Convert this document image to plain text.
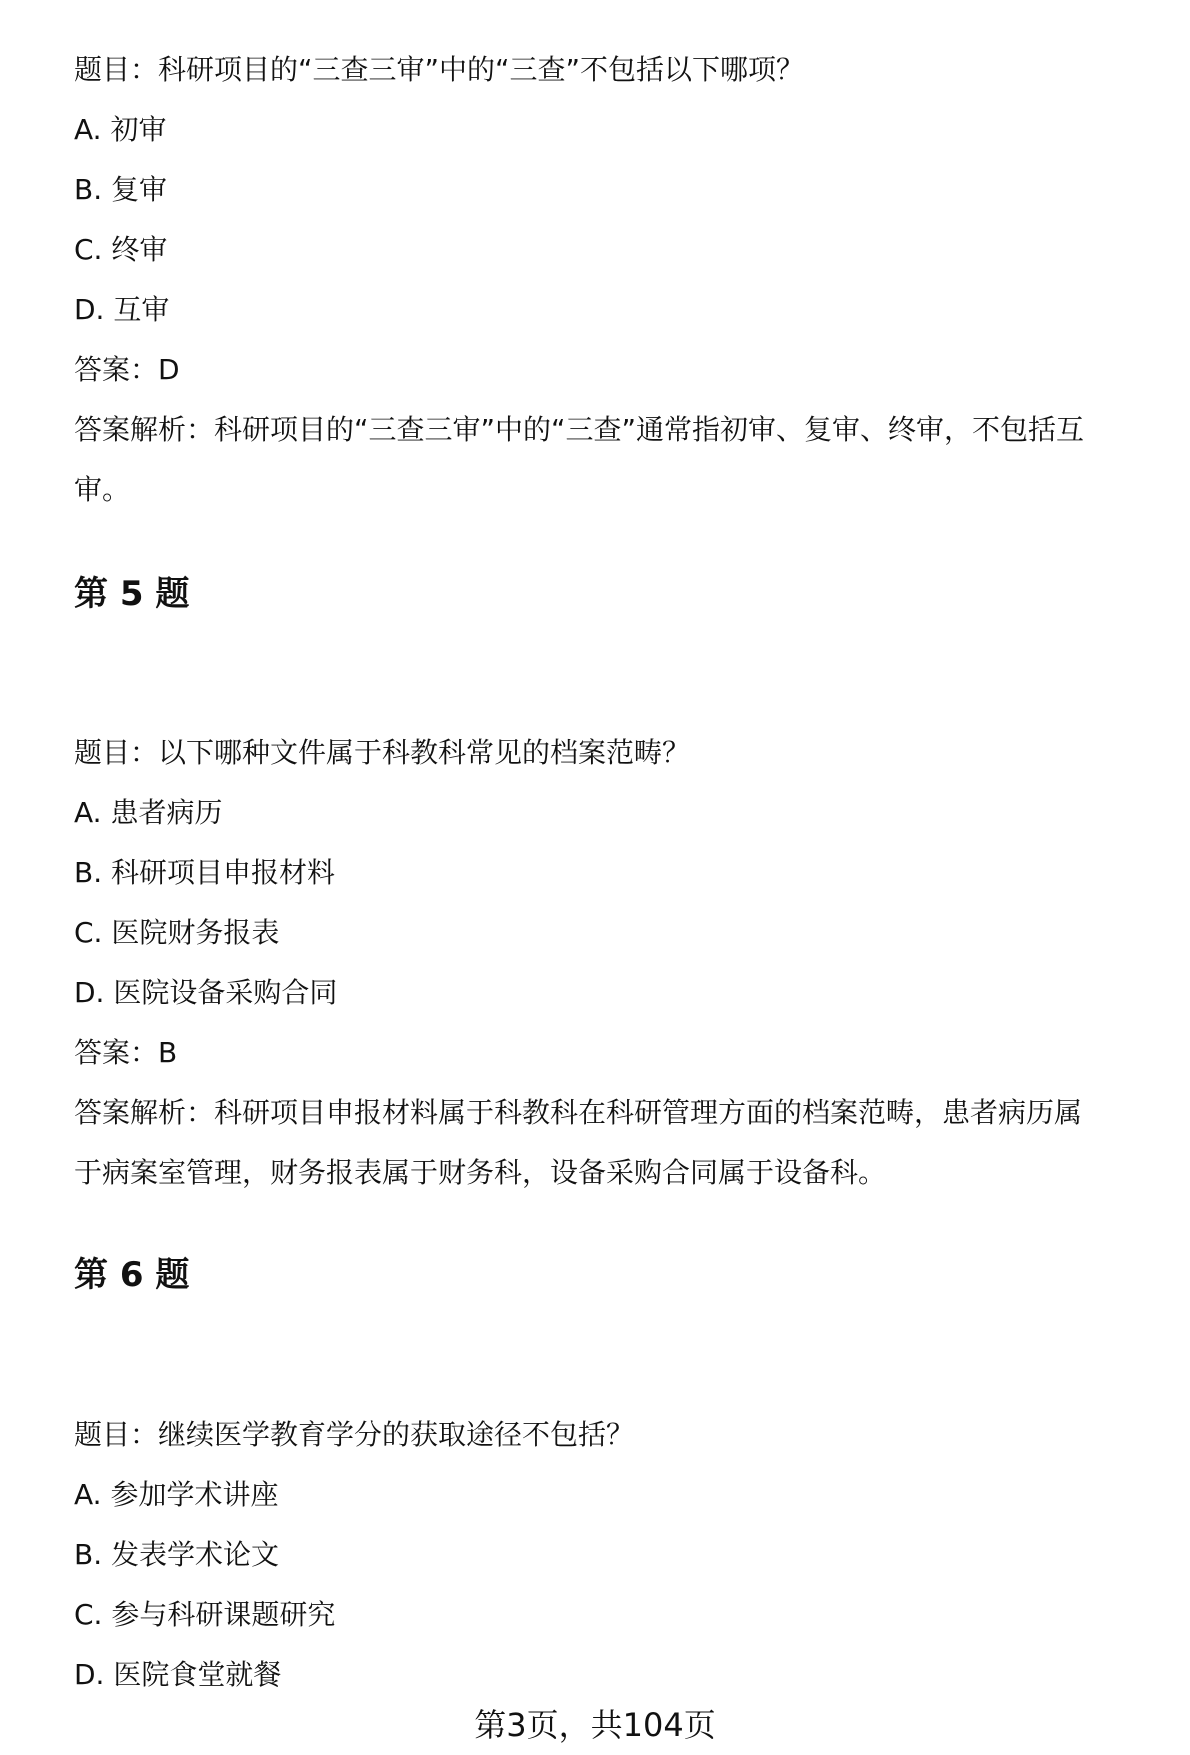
题目：科研项目的“三查三审”中的“三查”不包括以下哪项？
A. 初审
B. 复审
C. 终审
D. 互审
答案：D
答案解析：科研项目的“三查三审”中的“三查”通常指初审、复审、终审，不包括互
审。
第 5 题
题目：以下哪种文件属于科教科常见的档案范畴？
A. 患者病历
B. 科研项目申报材料
C. 医院财务报表
D. 医院设备采购合同
答案：B
答案解析：科研项目申报材料属于科教科在科研管理方面的档案范畴，患者病历属
于病案室管理，财务报表属于财务科，设备采购合同属于设备科。
第 6 题
题目：继续医学教育学分的获取途径不包括？
A. 参加学术讲座
B. 发表学术论文
C. 参与科研课题研究
D. 医院食堂就餐
第3页，共104页
